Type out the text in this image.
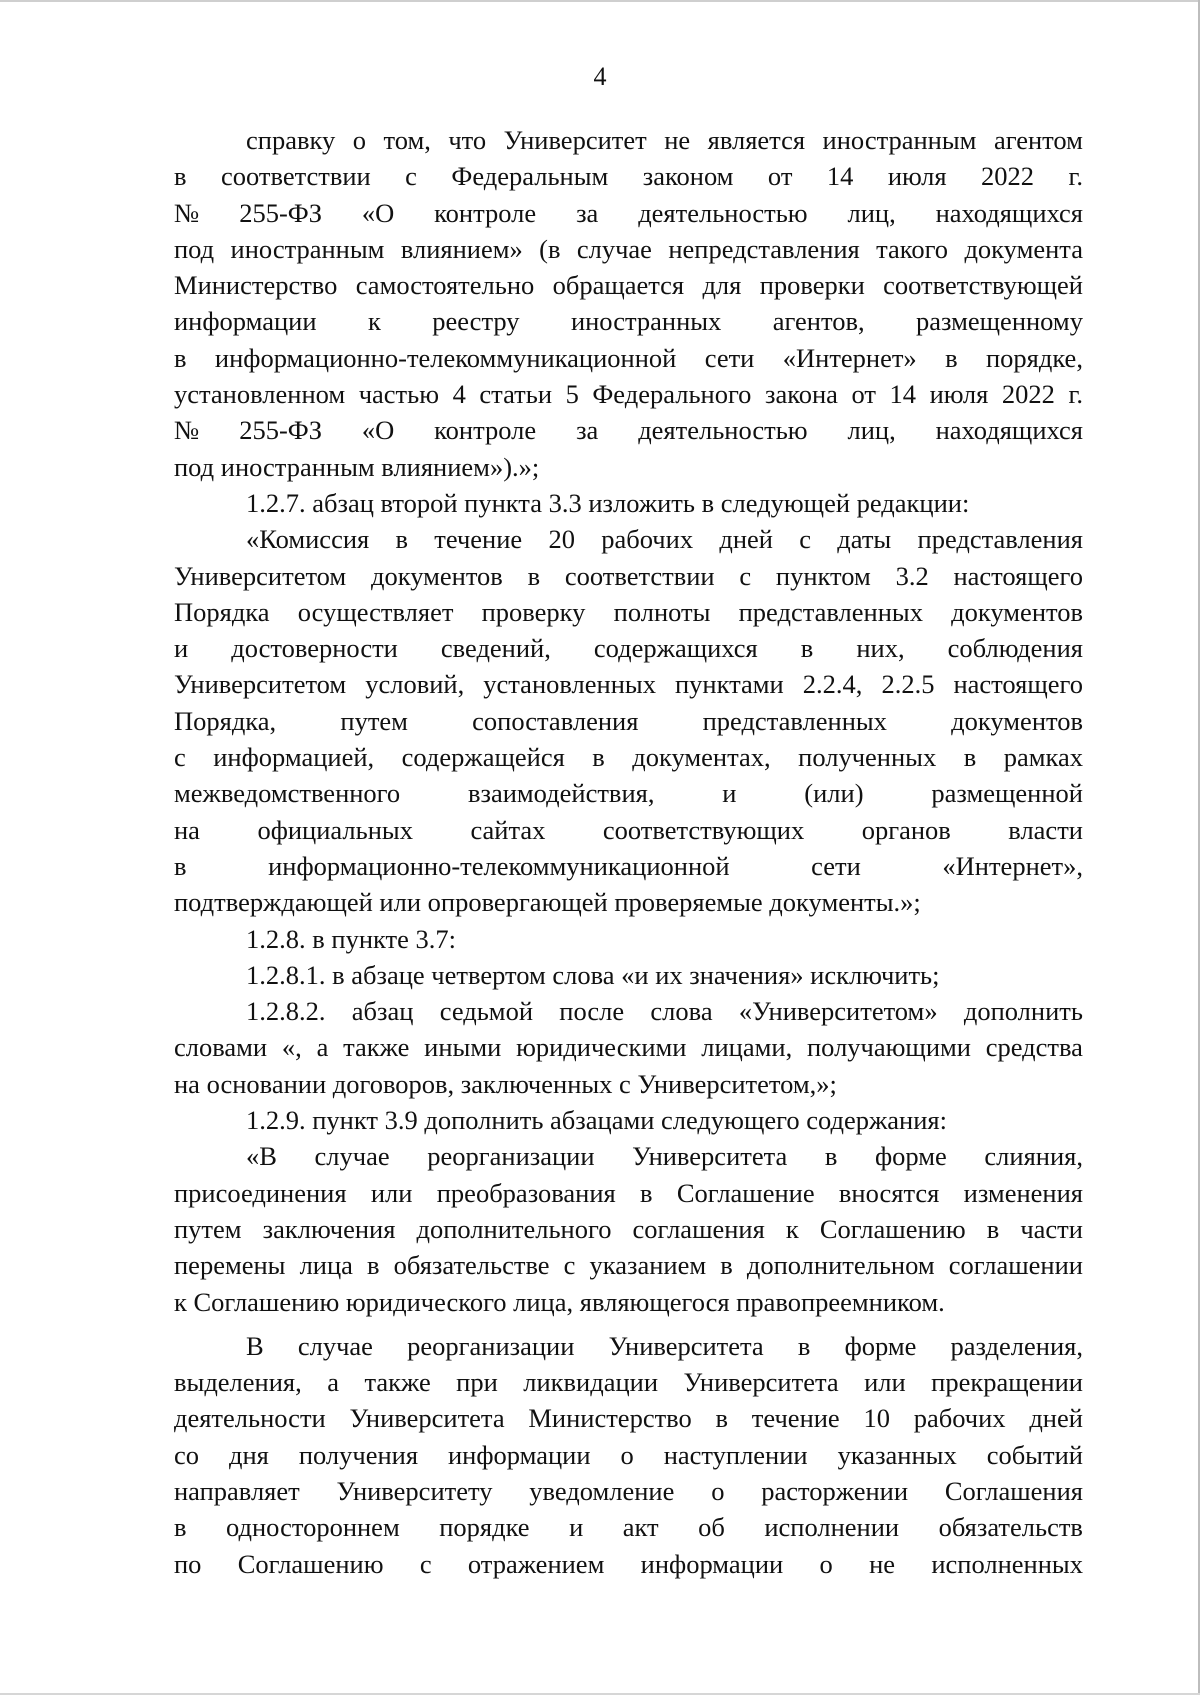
4
справку о том, что Университет не является иностранным агентом
в соответствии с Федеральным законом от 14 июля 2022 г.
№ 255-ФЗ «О контроле за деятельностью лиц, находящихся
под иностранным влиянием» (в случае непредставления такого документа
Министерство самостоятельно обращается для проверки соответствующей
информации к реестру иностранных агентов, размещенному
в информационно-телекоммуникационной сети «Интернет» в порядке,
установленном частью 4 статьи 5 Федерального закона от 14 июля 2022 г.
№ 255-ФЗ «О контроле за деятельностью лиц, находящихся
под иностранным влиянием»).»;
1.2.7. абзац второй пункта 3.3 изложить в следующей редакции:
«Комиссия в течение 20 рабочих дней с даты представления
Университетом документов в соответствии с пунктом 3.2 настоящего
Порядка осуществляет проверку полноты представленных документов
и достоверности сведений, содержащихся в них, соблюдения
Университетом условий, установленных пунктами 2.2.4, 2.2.5 настоящего
Порядка, путем сопоставления представленных документов
с информацией, содержащейся в документах, полученных в рамках
межведомственного	взаимодействия,	и	(или)	размещенной
на официальных сайтах соответствующих органов власти
в	информационно-телекоммуникационной	сети	«Интернет»,
подтверждающей или опровергающей проверяемые документы.»;
1.2.8. в пункте 3.7:
1.2.8.1. в абзаце четвертом слова «и их значения» исключить;
1.2.8.2. абзац седьмой после слова «Университетом» дополнить
словами «, а также иными юридическими лицами, получающими средства
на основании договоров, заключенных с Университетом,»;
1.2.9. пункт 3.9 дополнить абзацами следующего содержания:
«В случае реорганизации Университета в форме слияния,
присоединения или преобразования в Соглашение вносятся изменения
путем заключения дополнительного соглашения к Соглашению в части
перемены лица в обязательстве с указанием в дополнительном соглашении
к Соглашению юридического лица, являющегося правопреемником.
В случае реорганизации Университета в форме разделения,
выделения, а также при ликвидации Университета или прекращении
деятельности Университета Министерство в течение 10 рабочих дней
со дня получения информации о наступлении указанных событий
направляет Университету уведомление о расторжении Соглашения
в одностороннем порядке и акт об исполнении обязательств
по Соглашению с отражением информации о не исполненных
